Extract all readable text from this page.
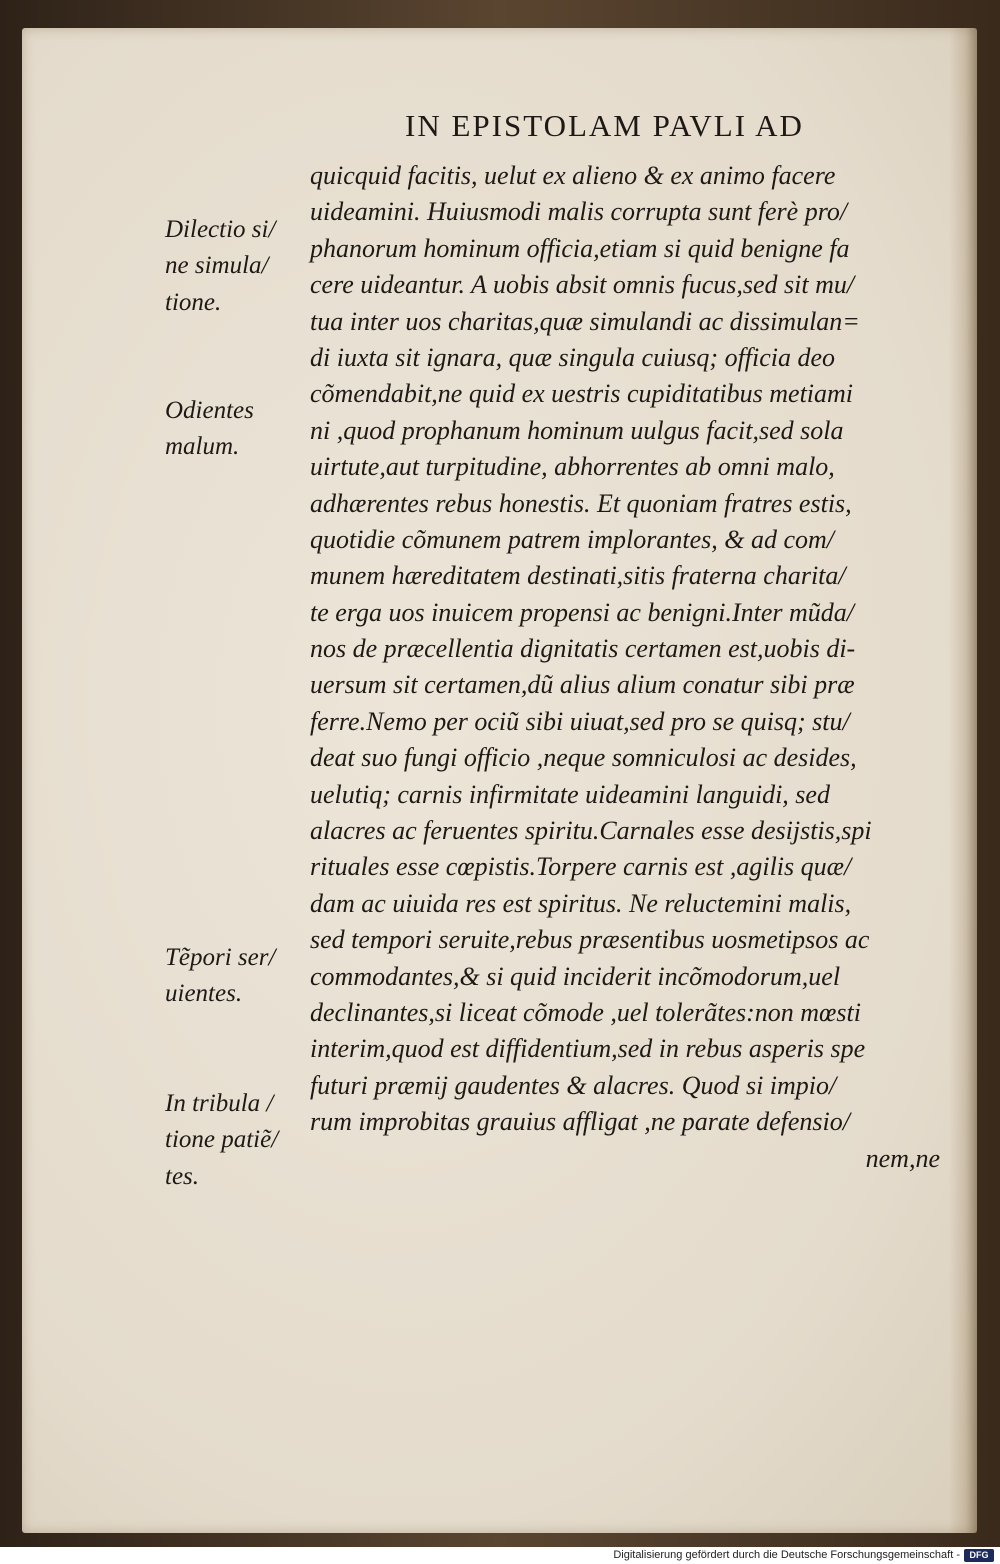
IN EPISTOLAM PAVLI AD
quicquid facitis, uelut ex alieno & ex animo facere
uideamini. Huiusmodi malis corrupta sunt ferè pro/
phanorum hominum officia,etiam si quid benigne fa
cere uideantur. A uobis absit omnis fucus,sed sit mu/
tua inter uos charitas,quæ simulandi ac dissimulan=
di iuxta sit ignara, quæ singula cuiusq; officia deo
cõmendabit,ne quid ex uestris cupiditatibus metiami
ni ,quod prophanum hominum uulgus facit,sed sola
uirtute,aut turpitudine, abhorrentes ab omni malo,
adhærentes rebus honestis. Et quoniam fratres estis,
quotidie cõmunem patrem implorantes, & ad com/
munem hæreditatem destinati,sitis fraterna charita/
te erga uos inuicem propensi ac benigni.Inter mũda/
nos de præcellentia dignitatis certamen est,uobis di-
uersum sit certamen,dũ alius alium conatur sibi præ
ferre.Nemo per ociũ sibi uiuat,sed pro se quisq; stu/
deat suo fungi officio ,neque somniculosi ac desides,
uelutiq; carnis infirmitate uideamini languidi, sed
alacres ac feruentes spiritu.Carnales esse desijstis,spi
rituales esse cœpistis.Torpere carnis est ,agilis quæ/
dam ac uiuida res est spiritus. Ne reluctemini malis,
sed tempori seruite,rebus præsentibus uosmetipsos ac
commodantes,& si quid inciderit incõmodorum,uel
declinantes,si liceat cõmode ,uel tolerãtes:non mœsti
interim,quod est diffidentium,sed in rebus asperis spe
futuri præmij gaudentes & alacres. Quod si impio/
rum improbitas grauius affligat ,ne parate defensio/
nem,ne
Dilectio si/
ne simula/
tione.
Odientes
malum.
Tẽpori ser/
uientes.
In tribula /
tione patiẽ/
tes.
Digitalisierung gefördert durch die Deutsche Forschungsgemeinschaft -	DFG
